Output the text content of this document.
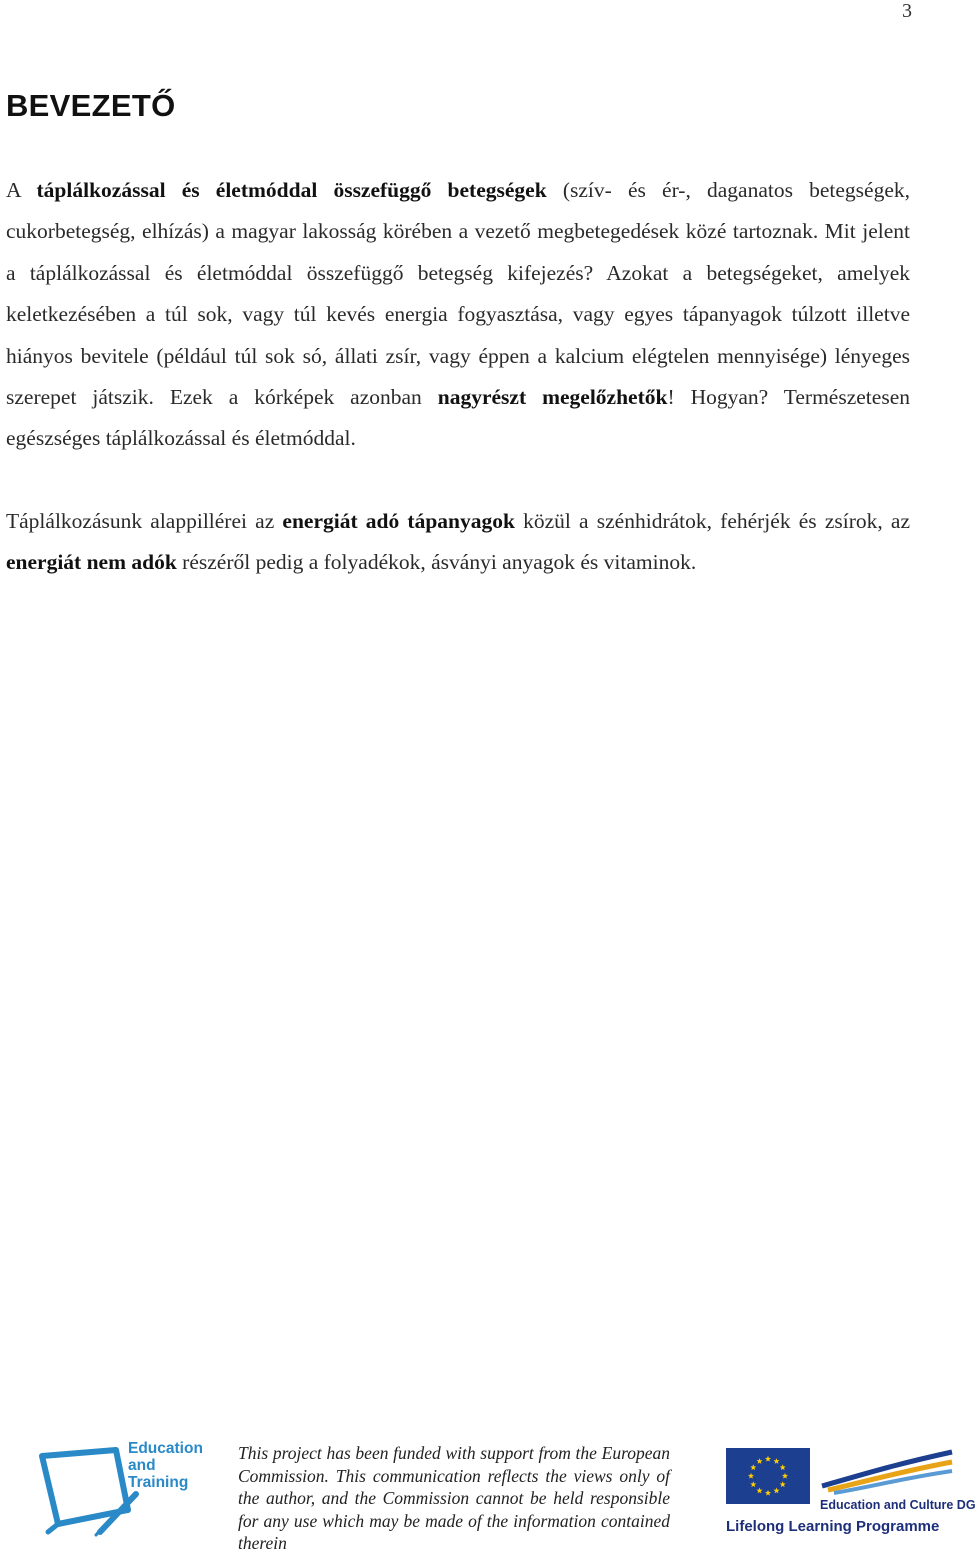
3
BEVEZETŐ

A táplálkozással és életmóddal összefüggő betegségek (szív- és ér-, daganatos betegségek, cukorbetegség, elhízás) a magyar lakosság körében a vezető megbetegedések közé tartoznak. Mit jelent a táplálkozással és életmóddal összefüggő betegség kifejezés? Azokat a betegségeket, amelyek keletkezésében a túl sok, vagy túl kevés energia fogyasztása, vagy egyes tápanyagok túlzott illetve hiányos bevitele (például túl sok só, állati zsír, vagy éppen a kalcium elégtelen mennyisége) lényeges szerepet játszik. Ezek a kórképek azonban nagyrészt megelőzhetők! Hogyan? Természetesen egészséges táplálkozással és életmóddal.

Táplálkozásunk alappillérei az energiát adó tápanyagok közül a szénhidrátok, fehérjék és zsírok, az energiát nem adók részéről pedig a folyadékok, ásványi anyagok és vitaminok.

Education
and
Training

This project has been funded with support from the European Commission. This communication reflects the views only of the author, and the Commission cannot be held responsible for any use which may be made of the information contained therein

Education and Culture DG
Lifelong Learning Programme
